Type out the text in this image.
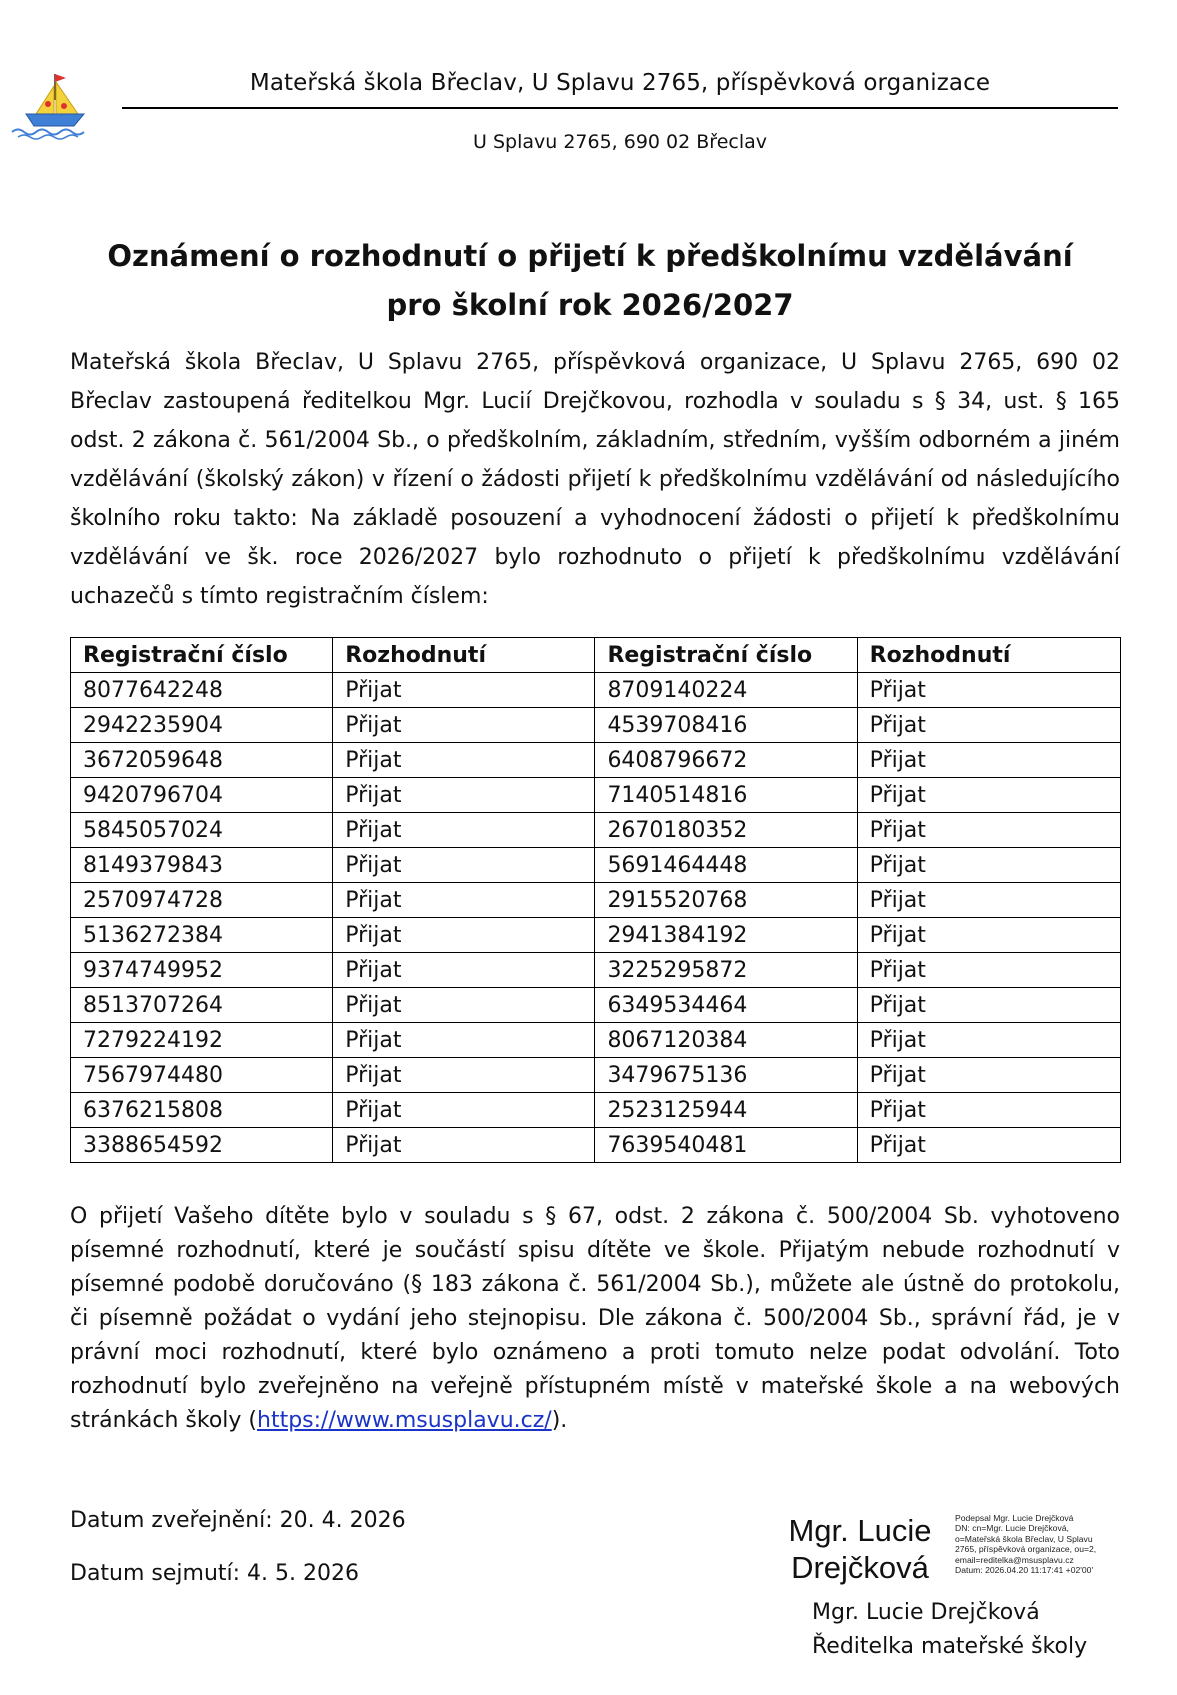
Mateřská škola Břeclav, U Splavu 2765, příspěvková organizace
U Splavu 2765, 690 02 Břeclav
Oznámení o rozhodnutí o přijetí k předškolnímu vzdělávání
pro školní rok 2026/2027

Mateřská škola Břeclav, U Splavu 2765, příspěvková organizace, U Splavu 2765, 690 02 Břeclav zastoupená ředitelkou Mgr. Lucií Drejčkovou, rozhodla v souladu s § 34, ust. § 165 odst. 2 zákona č. 561/2004 Sb., o předškolním, základním, středním, vyšším odborném a jiném vzdělávání (školský zákon) v řízení o žádosti přijetí k předškolnímu vzdělávání od následujícího školního roku takto: Na základě posouzení a vyhodnocení žádosti o přijetí k předškolnímu vzdělávání ve šk. roce 2026/2027 bylo rozhodnuto o přijetí k předškolnímu vzdělávání uchazečů s tímto registračním číslem:

Registrační číslo	Rozhodnutí	Registrační číslo	Rozhodnutí
8077642248	Přijat	8709140224	Přijat
2942235904	Přijat	4539708416	Přijat
3672059648	Přijat	6408796672	Přijat
9420796704	Přijat	7140514816	Přijat
5845057024	Přijat	2670180352	Přijat
8149379843	Přijat	5691464448	Přijat
2570974728	Přijat	2915520768	Přijat
5136272384	Přijat	2941384192	Přijat
9374749952	Přijat	3225295872	Přijat
8513707264	Přijat	6349534464	Přijat
7279224192	Přijat	8067120384	Přijat
7567974480	Přijat	3479675136	Přijat
6376215808	Přijat	2523125944	Přijat
3388654592	Přijat	7639540481	Přijat

O přijetí Vašeho dítěte bylo v souladu s § 67, odst. 2 zákona č. 500/2004 Sb. vyhotoveno písemné rozhodnutí, které je součástí spisu dítěte ve škole. Přijatým nebude rozhodnutí v písemné podobě doručováno (§ 183 zákona č. 561/2004 Sb.), můžete ale ústně do protokolu, či písemně požádat o vydání jeho stejnopisu. Dle zákona č. 500/2004 Sb., správní řád, je v právní moci rozhodnutí, které bylo oznámeno a proti tomuto nelze podat odvolání. Toto rozhodnutí bylo zveřejněno na veřejně přístupném místě v mateřské škole a na webových stránkách školy (https://www.msusplavu.cz/).

Datum zveřejnění: 20. 4. 2026
Datum sejmutí: 4. 5. 2026
Mgr. Lucie
Drejčková
Podepsal Mgr. Lucie Drejčková
DN: cn=Mgr. Lucie Drejčková,
o=Mateřská škola Břeclav, U Splavu
2765, příspěvková organizace, ou=2,
email=reditelka@msusplavu.cz
Datum: 2026.04.20 11:17:41 +02'00'
Mgr. Lucie Drejčková
Ředitelka mateřské školy
